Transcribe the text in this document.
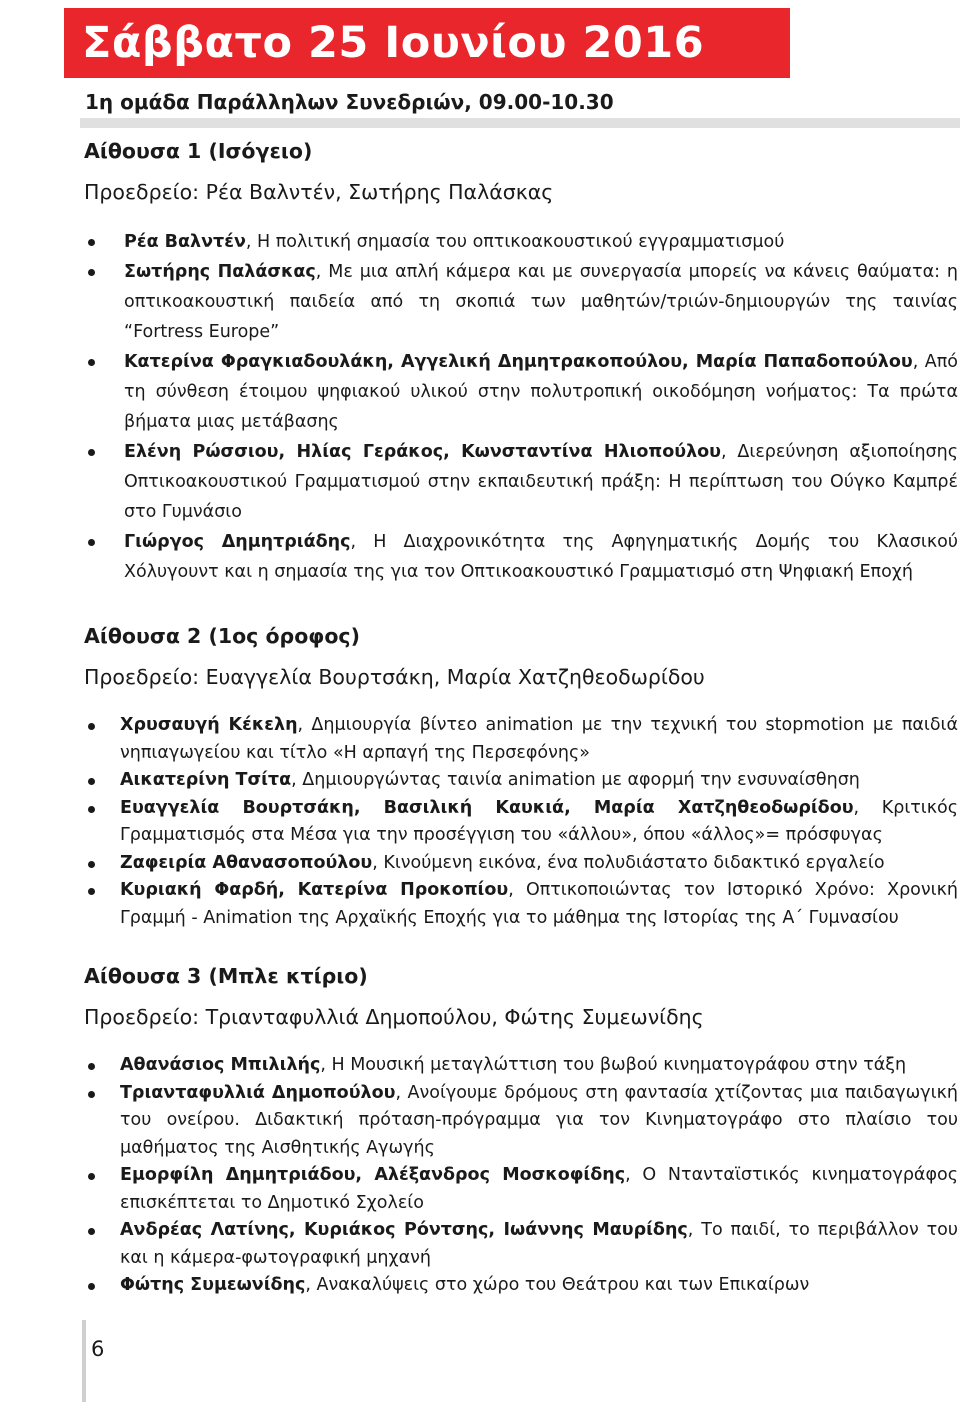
Σάββατο 25 Ιουνίου 2016
1η ομάδα Παράλληλων Συνεδριών, 09.00-10.30
Αίθουσα 1 (Ισόγειο)
Προεδρείο: Ρέα Βαλντέν, Σωτήρης Παλάσκας
Ρέα Βαλντέν, Η πολιτική σημασία του οπτικοακουστικού εγγραμματισμού
Σωτήρης Παλάσκας, Με μια απλή κάμερα και με συνεργασία μπορείς να κάνεις θαύματα: η οπτικοακουστική παιδεία από τη σκοπιά των μαθητών/τριών-δημιουργών της ταινίας “Fortress Europe”
Κατερίνα Φραγκιαδουλάκη, Αγγελική Δημητρακοπούλου, Μαρία Παπαδοπούλου, Από τη σύνθεση έτοιμου ψηφιακού υλικού στην πολυτροπική οικοδόμηση νοήματος: Τα πρώτα βήματα μιας μετάβασης
Ελένη Ρώσσιου, Ηλίας Γεράκος, Κωνσταντίνα Ηλιοπούλου, Διερεύνηση αξιοποίησης Οπτικοακουστικού Γραμματισμού στην εκπαιδευτική πράξη: Η περίπτωση του Ούγκο Καμπρέ στο Γυμνάσιο
Γιώργος Δημητριάδης, Η Διαχρονικότητα της Αφηγηματικής Δομής του Κλασικού Χόλυγουντ και η σημασία της για τον Οπτικοακουστικό Γραμματισμό στη Ψηφιακή Εποχή
Αίθουσα 2 (1ος όροφος)
Προεδρείο: Ευαγγελία Βουρτσάκη, Μαρία Χατζηθεοδωρίδου
Χρυσαυγή Κέκελη, Δημιουργία βίντεο animation με την τεχνική του stopmotion με παιδιά νηπιαγωγείου και τίτλο «Η αρπαγή της Περσεφόνης»
Αικατερίνη Τσίτα, Δημιουργώντας ταινία animation με αφορμή την ενσυναίσθηση
Ευαγγελία Βουρτσάκη, Βασιλική Καυκιά, Μαρία Χατζηθεοδωρίδου, Κριτικός Γραμματισμός στα Μέσα για την προσέγγιση του «άλλου», όπου «άλλος»= πρόσφυγας
Ζαφειρία Αθανασοπούλου, Κινούμενη εικόνα, ένα πολυδιάστατο διδακτικό εργαλείο
Κυριακή Φαρδή, Κατερίνα Προκοπίου, Οπτικοποιώντας τον Ιστορικό Χρόνο: Χρονική Γραμμή - Animation της Αρχαϊκής Εποχής για το μάθημα της Ιστορίας της Α΄ Γυμνασίου
Αίθουσα 3 (Μπλε κτίριο)
Προεδρείο: Τριανταφυλλιά Δημοπούλου, Φώτης Συμεωνίδης
Αθανάσιος Μπιλιλής, Η Μουσική μεταγλώττιση του βωβού κινηματογράφου στην τάξη
Τριανταφυλλιά Δημοπούλου, Ανοίγουμε δρόμους στη φαντασία χτίζοντας μια παιδαγωγική του ονείρου. Διδακτική πρόταση-πρόγραμμα για τον Κινηματογράφο στο πλαίσιο του μαθήματος της Αισθητικής Αγωγής
Εμορφίλη Δημητριάδου, Αλέξανδρος Μοσκοφίδης, Ο Ντανταϊστικός κινηματογράφος επισκέπτεται το Δημοτικό Σχολείο
Ανδρέας Λατίνης, Κυριάκος Ρόντσης, Ιωάννης Μαυρίδης, Το παιδί, το περιβάλλον του και η κάμερα-φωτογραφική μηχανή
Φώτης Συμεωνίδης, Ανακαλύψεις στο χώρο του Θεάτρου και των Επικαίρων
6
